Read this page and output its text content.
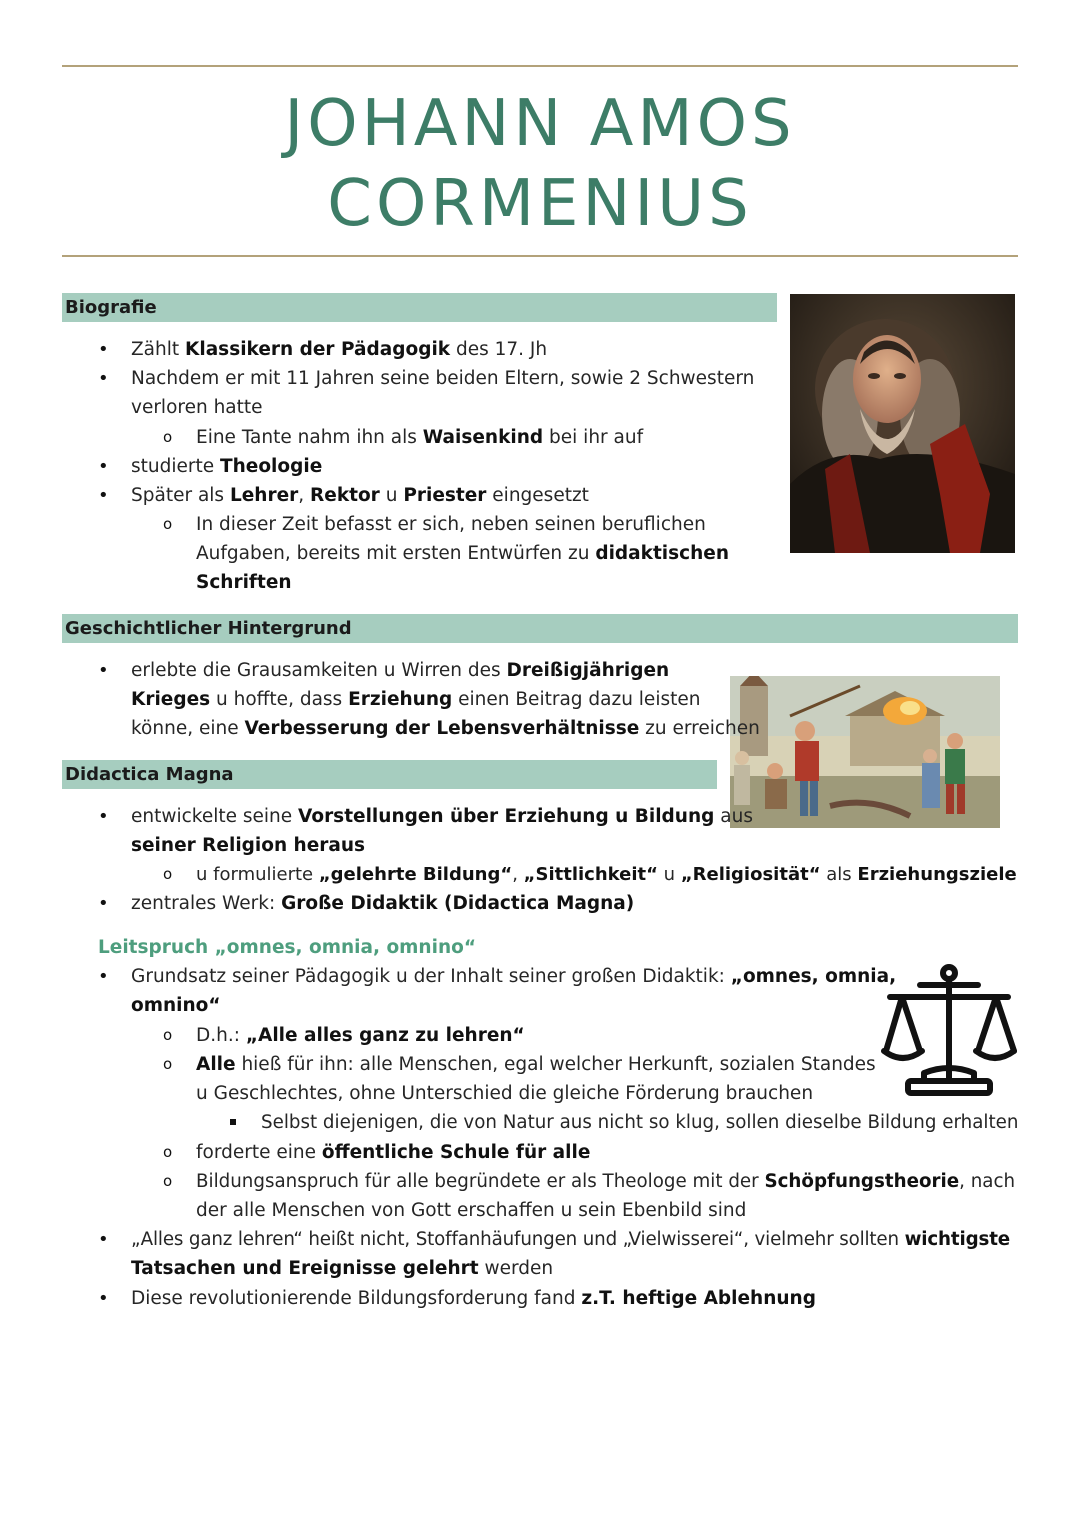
JOHANN AMOS
CORMENIUS
Biografie
Geschichtlicher Hintergrund
Didactica Magna
• Zählt Klassikern der Pädagogik des 17. Jh
• Nachdem er mit 11 Jahren seine beiden Eltern, sowie 2 Schwestern
verloren hatte
o Eine Tante nahm ihn als Waisenkind bei ihr auf
• studierte Theologie
• Später als Lehrer, Rektor u Priester eingesetzt
o In dieser Zeit befasst er sich, neben seinen beruflichen
Aufgaben, bereits mit ersten Entwürfen zu didaktischen
Schriften
• erlebte die Grausamkeiten u Wirren des Dreißigjährigen
Krieges u hoffte, dass Erziehung einen Beitrag dazu leisten
könne, eine Verbesserung der Lebensverhältnisse zu erreichen
• entwickelte seine Vorstellungen über Erziehung u Bildung aus
seiner Religion heraus
o u formulierte „gelehrte Bildung“, „Sittlichkeit“ u „Religiosität“ als Erziehungsziele
• zentrales Werk: Große Didaktik (Didactica Magna)
Leitspruch „omnes, omnia, omnino“
• Grundsatz seiner Pädagogik u der Inhalt seiner großen Didaktik: „omnes, omnia,
omnino“
o D.h.: „Alle alles ganz zu lehren“
o Alle hieß für ihn: alle Menschen, egal welcher Herkunft, sozialen Standes
u Geschlechtes, ohne Unterschied die gleiche Förderung brauchen
Selbst diejenigen, die von Natur aus nicht so klug, sollen dieselbe Bildung erhalten
o forderte eine öffentliche Schule für alle
o Bildungsanspruch für alle begründete er als Theologe mit der Schöpfungstheorie, nach
der alle Menschen von Gott erschaffen u sein Ebenbild sind
• „Alles ganz lehren“ heißt nicht, Stoffanhäufungen und „Vielwisserei“, vielmehr sollten wichtigste
Tatsachen und Ereignisse gelehrt werden
• Diese revolutionierende Bildungsforderung fand z.T. heftige Ablehnung
